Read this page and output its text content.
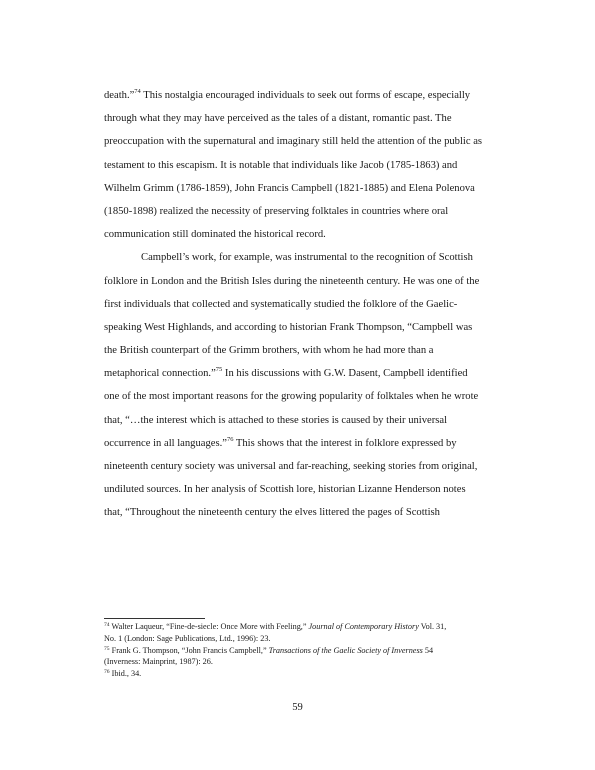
death.”$^{74}$ This nostalgia encouraged individuals to seek out forms of escape, especially
through what they may have perceived as the tales of a distant, romantic past. The
preoccupation with the supernatural and imaginary still held the attention of the public as
testament to this escapism. It is notable that individuals like Jacob (1785-1863) and
Wilhelm Grimm (1786-1859), John Francis Campbell (1821-1885) and Elena Polenova
(1850-1898) realized the necessity of preserving folktales in countries where oral
communication still dominated the historical record.
Campbell’s work, for example, was instrumental to the recognition of Scottish
folklore in London and the British Isles during the nineteenth century. He was one of the
first individuals that collected and systematically studied the folklore of the Gaelic-
speaking West Highlands, and according to historian Frank Thompson, “Campbell was
the British counterpart of the Grimm brothers, with whom he had more than a
metaphorical connection.”$^{75}$ In his discussions with G.W. Dasent, Campbell identified
one of the most important reasons for the growing popularity of folktales when he wrote
that, “…the interest which is attached to these stories is caused by their universal
occurrence in all languages.”$^{76}$ This shows that the interest in folklore expressed by
nineteenth century society was universal and far-reaching, seeking stories from original,
undiluted sources. In her analysis of Scottish lore, historian Lizanne Henderson notes
that, “Throughout the nineteenth century the elves littered the pages of Scottish
$^{74}$ Walter Laqueur, “Fine-de-siecle: Once More with Feeling,” Journal of Contemporary History Vol. 31,
No. 1 (London: Sage Publications, Ltd., 1996): 23.
$^{75}$ Frank G. Thompson, “John Francis Campbell,” Transactions of the Gaelic Society of Inverness 54
(Inverness: Mainprint, 1987): 26.
$^{76}$ Ibid., 34.
59
